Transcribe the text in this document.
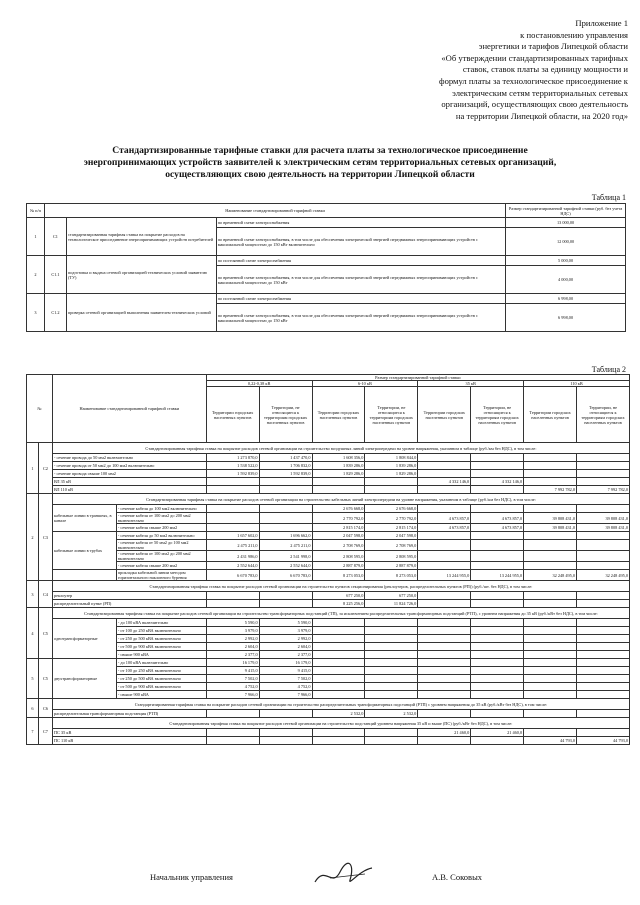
Приложение 1
к постановлению управления
энергетики и тарифов Липецкой области
«Об утверждении стандартизированных тарифных
ставок, ставок платы за единицу мощности и
формул платы за технологическое присоединение к
электрическим сетям территориальных сетевых
организаций, осуществляющих свою деятельность
на территории Липецкой области, на 2020 год»
Стандартизированные тарифные ставки для расчета платы за технологическое присоединение
энергопринимающих устройств заявителей к электрическим сетям территориальных сетевых организаций,
осуществляющих свою деятельность на территории Липецкой области
Таблица 1
№ п/п	Наименование стандартизированной тарифной ставки			Размер стандартизированной тарифной ставки (руб. без учета НДС)
1	C1	стандартизированная тарифная ставка на покрытие расходов на технологическое присоединение энергопринимающих устройств потребителей	по временной схеме электроснабжения	13 000,00
			по временной схеме электроснабжения, в том числе для обеспечения электрической энергией передвижных энергопринимающих устройств с максимальной мощностью до 150 кВт включительно	12 000,00
2	C1.1	подготовка и выдача сетевой организацией технических условий заявителю (ТУ)	по постоянной схеме электроснабжения	5 000,00
			по временной схеме электроснабжения, в том числе для обеспечения электрической энергией передвижных энергопринимающих устройств с максимальной мощностью до 150 кВт	4 000,00
3	C1.2	проверка сетевой организацией выполнения заявителем технических условий	по постоянной схеме электроснабжения	6 998,00
			по временной схеме электроснабжения, в том числе для обеспечения электрической энергией передвижных энергопринимающих устройств с максимальной мощностью до 150 кВт	6 998,00
Таблица 2
№		Наименование стандартизированной тарифной ставки		Размер стандартизированной тарифной ставки							
				0,22-0,38 кВ		6-10 кВ		35 кВ		110 кВ	
				Территории городских населенных пунктов	Территории, не относящиеся к территориям городских населенных пунктов	Территории городских населенных пунктов	Территории, не относящиеся к территориям городских населенных пунктов	Территории городских населенных пунктов	Территории, не относящиеся к территориям городских населенных пунктов	Территории городских населенных пунктов	Территории, не относящиеся к территориям городских населенных пунктов
1	C2	Стандартизированная тарифная ставка на покрытие расходов сетевой организации на строительство воздушных линий электропередачи на уровне напряжения, указанном в таблице (руб./км без НДС), в том числе:									
		- сечение провода до 50 мм2 включительно		1 273 870,0	1 437 470,0	1 608 356,0	1 808 844,0				
		- сечение провода от 50 мм2 до 100 мм2 включительно		1 538 522,0	1 706 832,0	1 839 286,0	1 839 286,0				
		- сечение провода свыше 100 мм2		1 592 839,0	1 592 839,0	1 829 286,0	1 829 286,0				
		ВЛ 35 кВ						4 332 146,0	4 332 146,0		
		ВЛ 110 кВ								7 992 782,0	7 992 782,0
2	C3	Стандартизированная тарифная ставка на покрытие расходов сетевой организации на строительство кабельных линий электропередачи на уровне напряжения, указанном в таблице (руб./км без НДС), в том числе:									
		кабельные линии в траншеях, в канале	- сечение кабеля до 100 мм2 включительно			2 676 668,0	2 676 668,0				
			- сечение кабеля от 100 мм2 до 200 мм2 включительно			2 770 792,0	2 770 792,0	4 673 857,0	4 673 857,0	39 808 431,0	39 808 431,0
			- сечение кабеля свыше 200 мм2			2 815 174,0	2 815 174,0	4 673 857,0	4 673 857,0	39 808 431,0	39 808 431,0
		кабельные линии в трубах	- сечение кабеля до 50 мм2 включительно	1 657 602,0	1 696 662,0	2 047 598,0	2 047 598,0				
			- сечение кабеля от 50 мм2 до 100 мм2 включительно	2 475 211,0	2 475 211,0	2 708 769,0	2 708 769,0				
			- сечение кабеля от 100 мм2 до 200 мм2 включительно	2 431 986,0	2 541 998,0	2 808 595,0	2 808 595,0				
			- сечение кабеля свыше 200 мм2	2 552 644,0	2 552 644,0	2 887 879,0	2 887 879,0				
			прокладка кабельной линии методом горизонтального наклонного бурения	6 670 783,0	6 670 783,0	8 273 053,0	8 273 053,0	13 244 955,0	13 244 955,0	32 248 495,0	32 248 495,0
3	C4	Стандартизированная тарифная ставка на покрытие расходов сетевой организации на строительство пунктов секционирования (реклоузеров, распределительных пунктов (РП)) (руб./шт. без НДС), в том числе:									
		реклоузер				677 250,0	677 250,0				
		распределительный пункт (РП)				8 225 256,0	11 824 726,0				
4	C5	Стандартизированная тарифная ставка на покрытие расходов сетевой организации на строительство трансформаторных подстанций (ТП), за исключением распределительных трансформаторных подстанций (РТП), с уровнем напряжения до 35 кВ (руб./кВт без НДС), в том числе:									
		однотрансформаторные	- до 100 кВА включительно	5 590,0	5 590,0						
			- от 100 до 250 кВА включительно	3 979,0	3 979,0						
			- от 250 до 500 кВА включительно	2 992,0	2 992,0						
			- от 500 до 900 кВА включительно	2 604,0	2 604,0						
			- свыше 900 кВА	2 377,0	2 377,0						
5	C5	двухтрансформаторные	- до 100 кВА включительно	16 179,0	16 179,0						
			- от 100 до 250 кВА включительно	9 415,0	9 415,0						
			- от 250 до 500 кВА включительно	7 502,0	7 502,0						
			- от 500 до 900 кВА включительно	4 752,0	4 752,0						
			- свыше 900 кВА	7 966,0	7 966,0						
6	C6	Стандартизированная тарифная ставка на покрытие расходов сетевой организации на строительство распределительных трансформаторных подстанций (РТП) с уровнем напряжения до 35 кВ (руб./кВт без НДС), в том числе:									
		распределительная трансформаторная подстанция (РТП)				2 532,0	2 532,0				
7	C7	Стандартизированная тарифная ставка на покрытие расходов сетевой организации на строительство подстанций уровнем напряжения 35 кВ и выше (ПС) (руб./кВт без НДС), в том числе:									
		ПС 35 кВ						21 460,0	21 460,0		
		ПС 110 кВ								44 793,0	44 793,0
Начальник управления	А.В. Соковых
